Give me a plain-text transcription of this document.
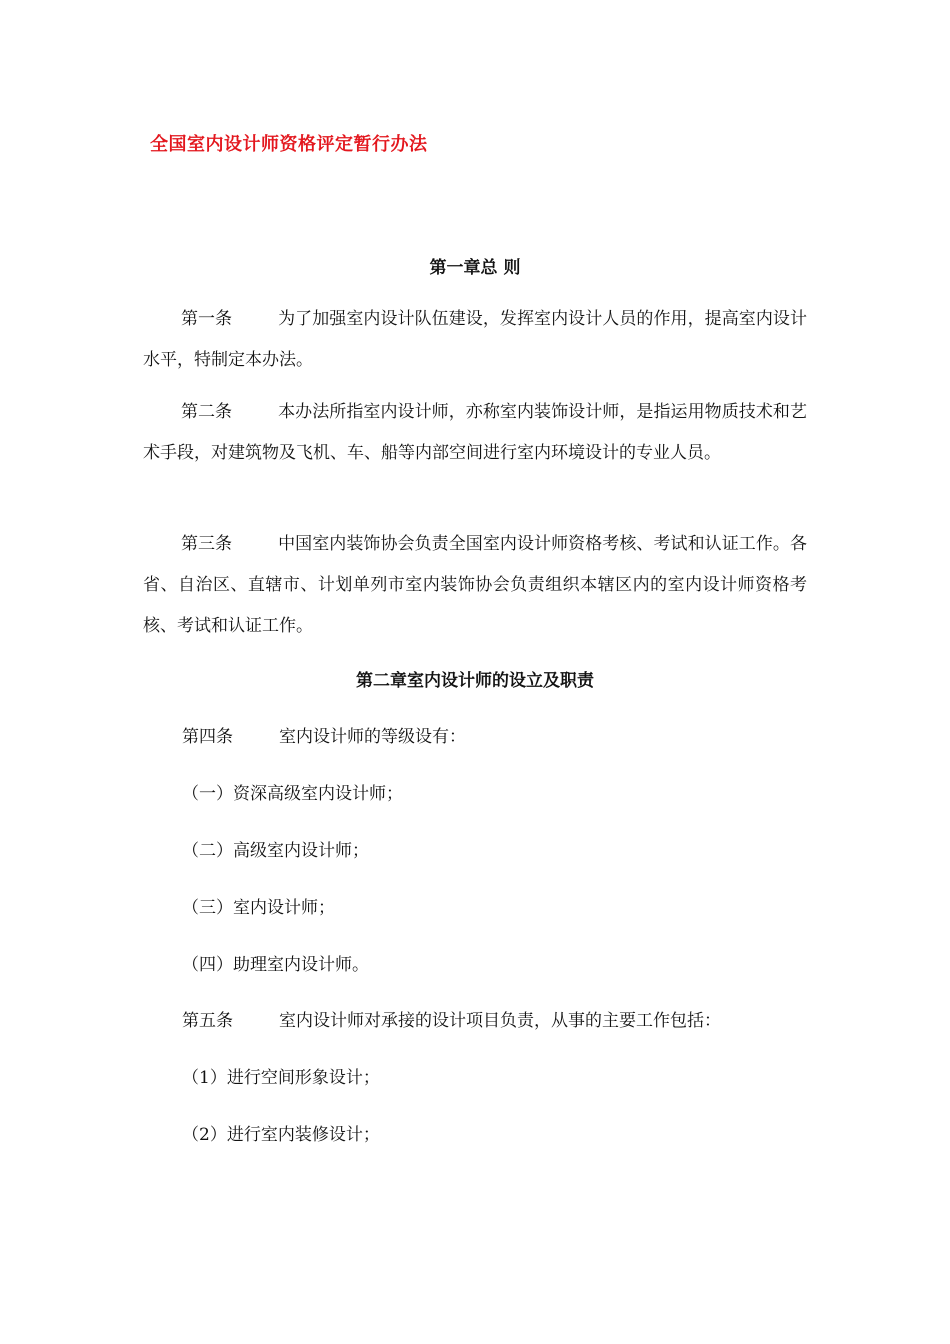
全国室内设计师资格评定暂行办法
第一章总 则
第一条	为了加强室内设计队伍建设，发挥室内设计人员的作用，提高室内设计水平，特制定本办法。
第二条	本办法所指室内设计师，亦称室内装饰设计师，是指运用物质技术和艺术手段，对建筑物及飞机、车、船等内部空间进行室内环境设计的专业人员。
第三条	中国室内装饰协会负责全国室内设计师资格考核、考试和认证工作。各省、自治区、直辖市、计划单列市室内装饰协会负责组织本辖区内的室内设计师资格考核、考试和认证工作。
第二章室内设计师的设立及职责
第四条	室内设计师的等级设有：
（一）资深高级室内设计师；
（二）高级室内设计师；
（三）室内设计师；
（四）助理室内设计师。
第五条	室内设计师对承接的设计项目负责，从事的主要工作包括：
（1）进行空间形象设计；
（2）进行室内装修设计；
